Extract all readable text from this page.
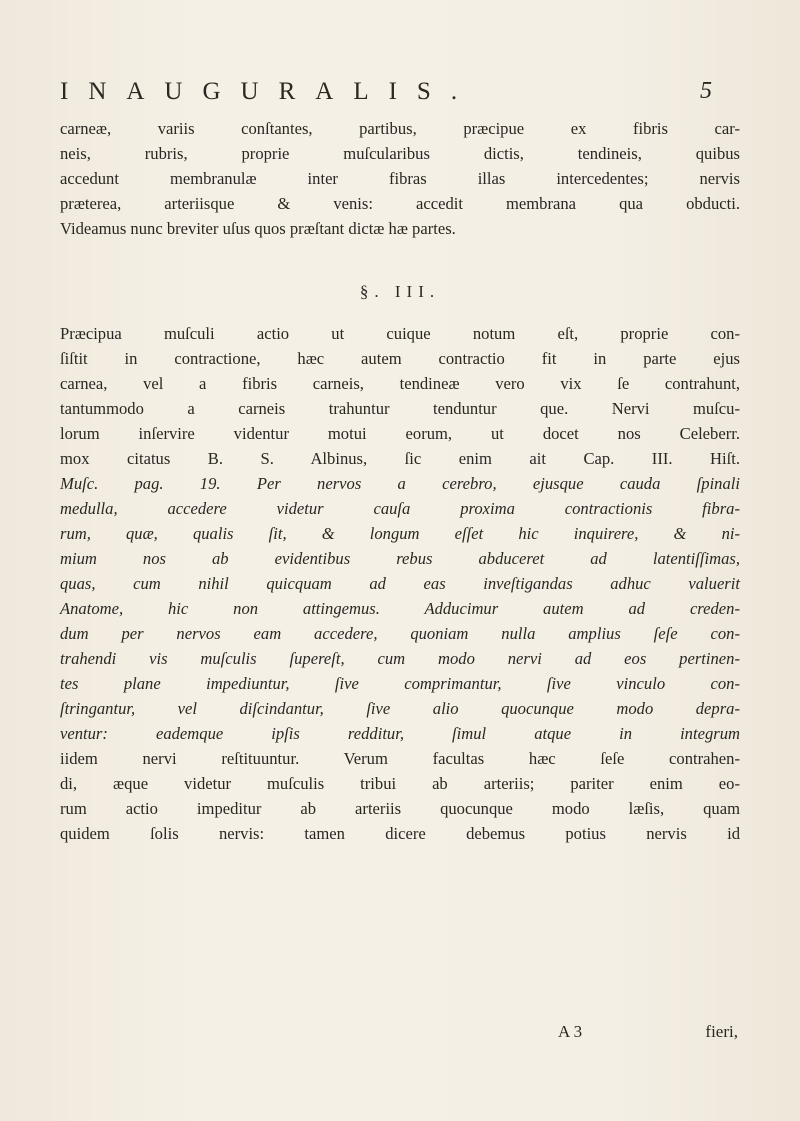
INAUGURALIS.	5
carneæ, variis conſtantes, partibus, præcipue ex fibris car-
neis, rubris, proprie muſcularibus dictis, tendineis, quibus
accedunt membranulæ inter fibras illas intercedentes; nervis
præterea, arteriisque & venis: accedit membrana qua obducti.
Videamus nunc breviter uſus quos præſtant dictæ hæ partes.
§. III.
Præcipua muſculi actio ut cuique notum eſt, proprie con-
ſiſtit in contractione, hæc autem contractio fit in parte ejus
carnea, vel a fibris carneis, tendineæ vero vix ſe contrahunt,
tantummodo a carneis trahuntur tenduntur que. Nervi muſcu-
lorum inſervire videntur motui eorum, ut docet nos Celeberr.
mox citatus B. S. Albinus, ſic enim ait Cap. III. Hiſt.
Muſc. pag. 19. Per nervos a cerebro, ejusque cauda ſpinali
medulla, accedere videtur cauſa proxima contractionis fibra-
rum, quæ, qualis ſit, & longum eſſet hic inquirere, & ni-
mium nos ab evidentibus rebus abduceret ad latentiſſimas,
quas, cum nihil quicquam ad eas inveſtigandas adhuc valuerit
Anatome, hic non attingemus. Adducimur autem ad creden-
dum per nervos eam accedere, quoniam nulla amplius ſeſe con-
trahendi vis muſculis ſupereſt, cum modo nervi ad eos pertinen-
tes plane impediuntur, ſive comprimantur, ſive vinculo con-
ſtringantur, vel diſcindantur, ſive alio quocunque modo depra-
ventur: eademque ipſis redditur, ſimul atque in integrum
iidem nervi reſtituuntur. Verum facultas hæc ſeſe contrahen-
di, æque videtur muſculis tribui ab arteriis; pariter enim eo-
rum actio impeditur ab arteriis quocunque modo læſis, quam
quidem ſolis nervis: tamen dicere debemus potius nervis id
A 3	fieri,
